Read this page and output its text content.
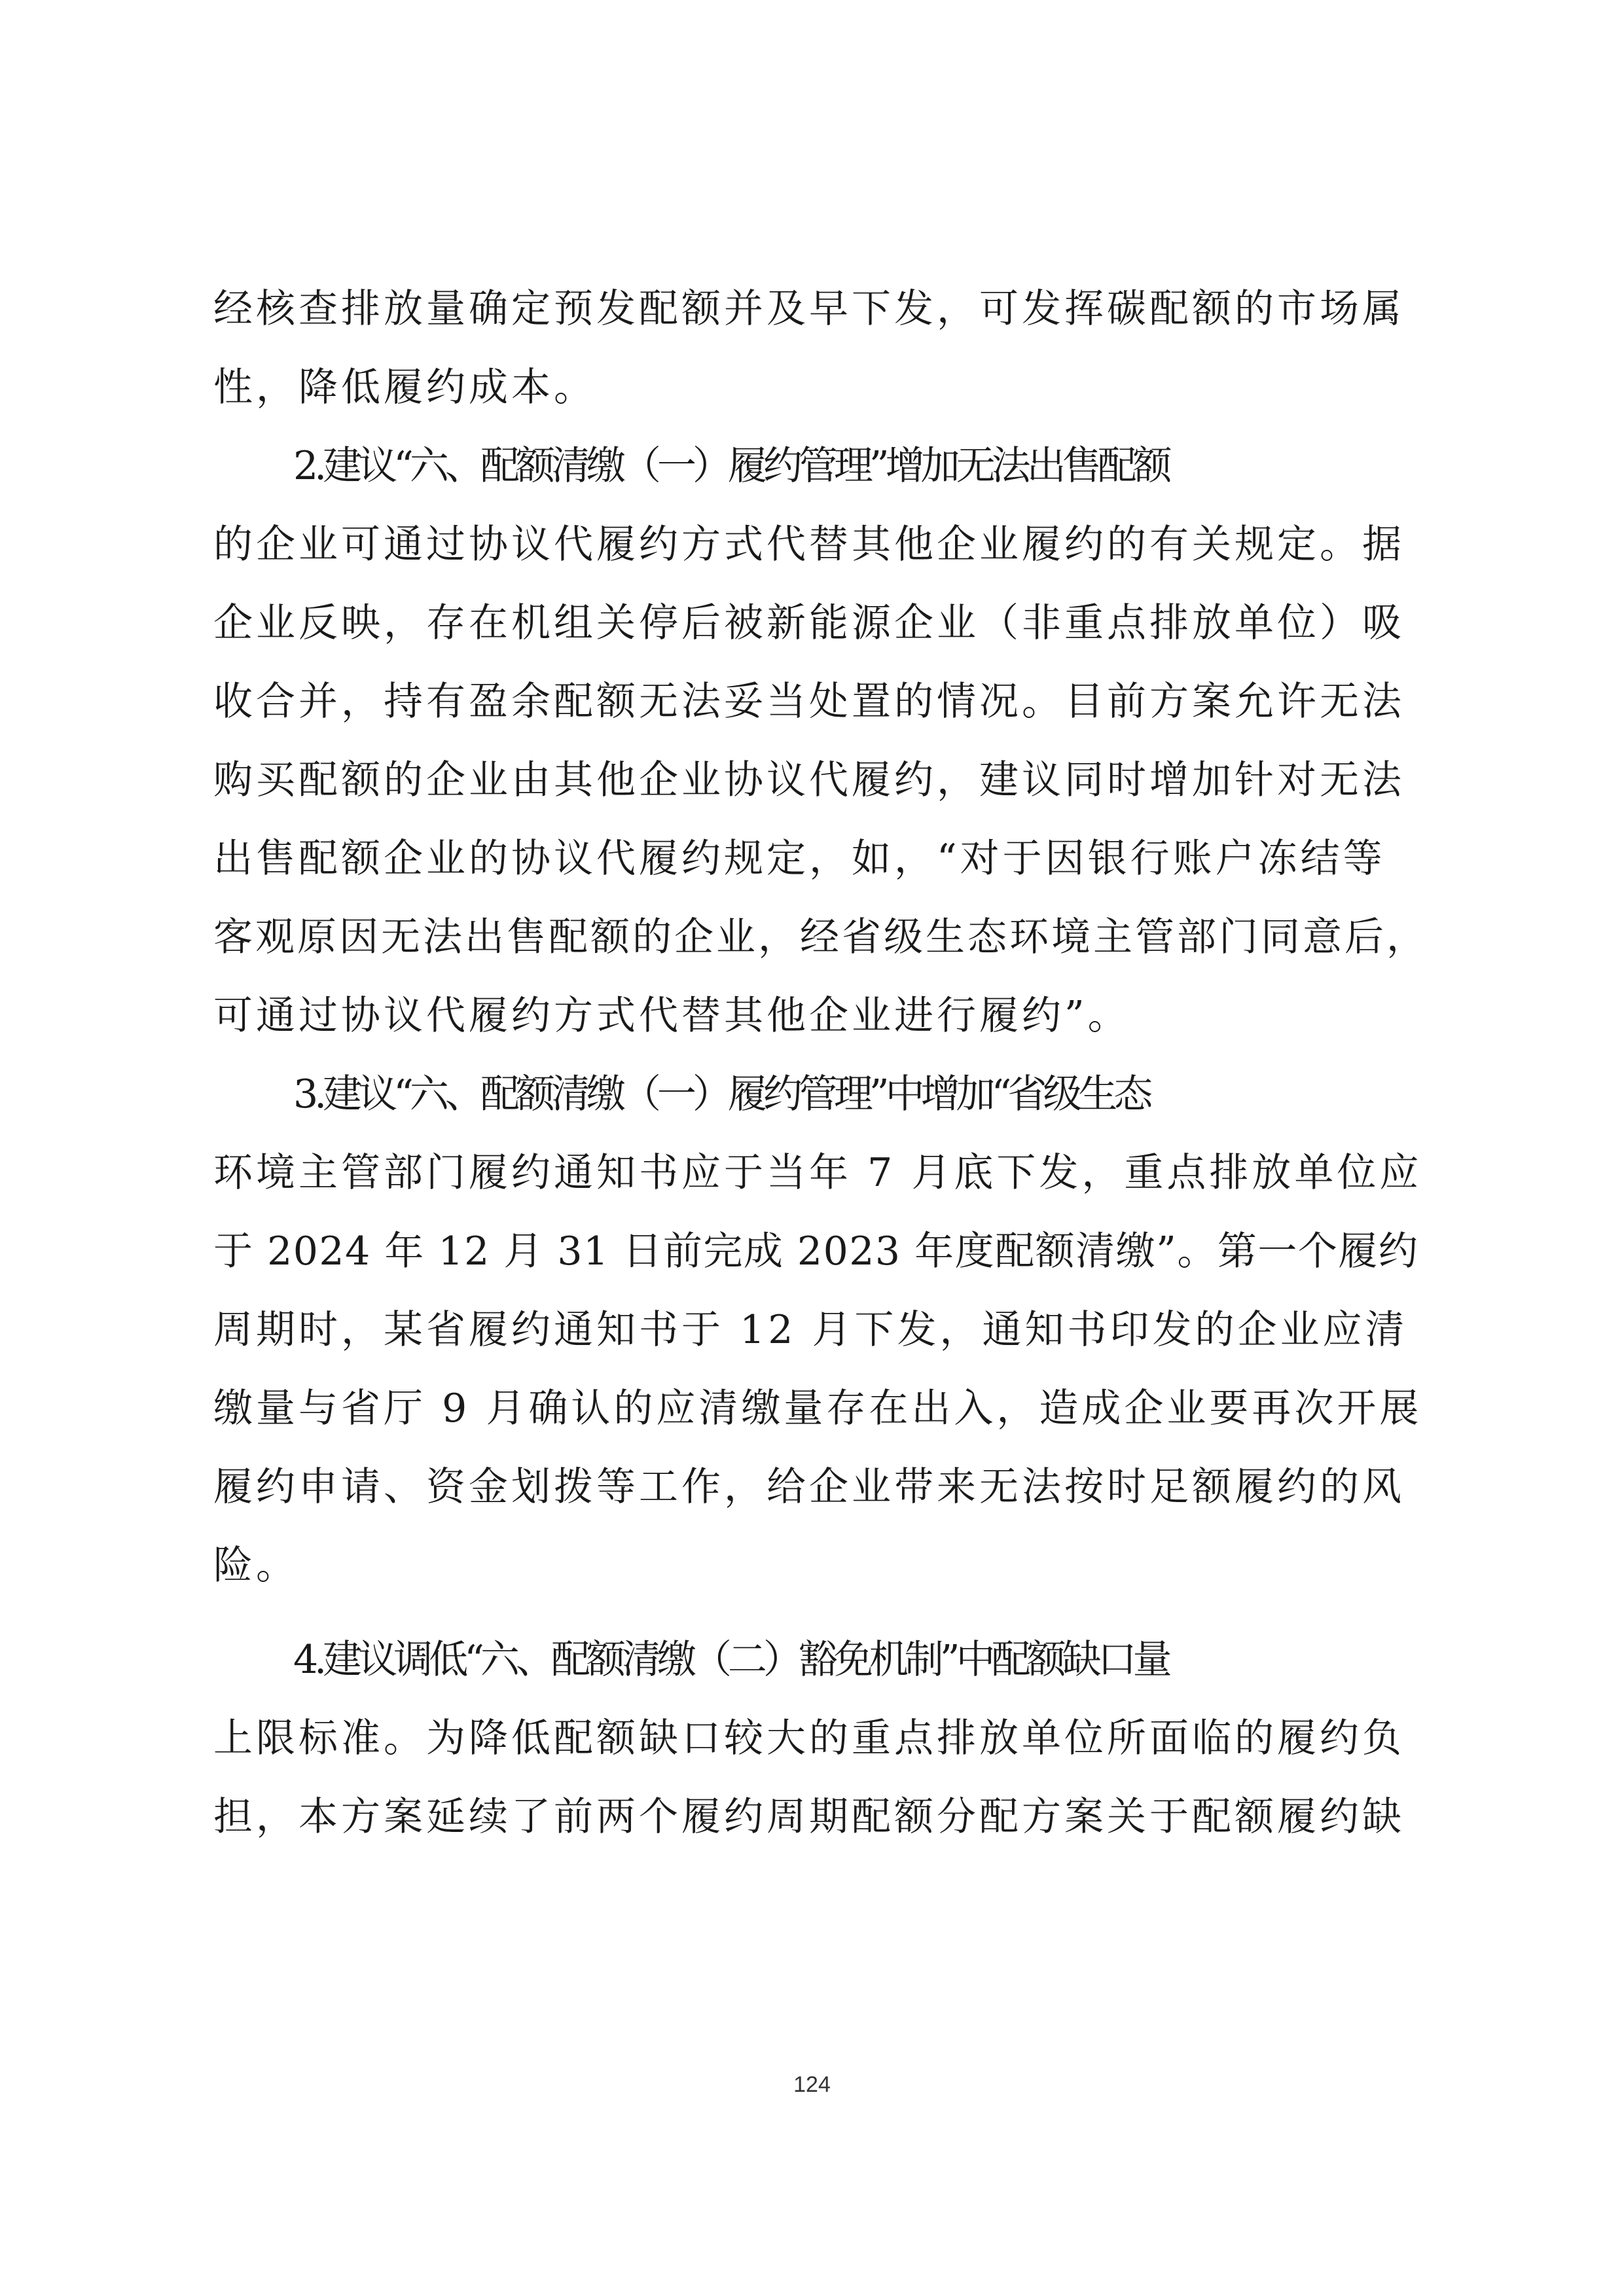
经核查排放量确定预发配额并及早下发，可发挥碳配额的市场属
性，降低履约成本。
2.建议“六、配额清缴（一）履约管理”增加无法出售配额
的企业可通过协议代履约方式代替其他企业履约的有关规定。据
企业反映，存在机组关停后被新能源企业（非重点排放单位）吸
收合并，持有盈余配额无法妥当处置的情况。目前方案允许无法
购买配额的企业由其他企业协议代履约，建议同时增加针对无法
出售配额企业的协议代履约规定，如，“对于因银行账户冻结等
客观原因无法出售配额的企业，经省级生态环境主管部门同意后，
可通过协议代履约方式代替其他企业进行履约”。
3.建议“六、配额清缴（一）履约管理”中增加“省级生态
环境主管部门履约通知书应于当年 7 月底下发，重点排放单位应
于 2024 年 12 月 31 日前完成 2023 年度配额清缴”。第一个履约
周期时，某省履约通知书于 12 月下发，通知书印发的企业应清
缴量与省厅 9 月确认的应清缴量存在出入，造成企业要再次开展
履约申请、资金划拨等工作，给企业带来无法按时足额履约的风
险。
4.建议调低“六、配额清缴（二）豁免机制”中配额缺口量
上限标准。为降低配额缺口较大的重点排放单位所面临的履约负
担，本方案延续了前两个履约周期配额分配方案关于配额履约缺
124
